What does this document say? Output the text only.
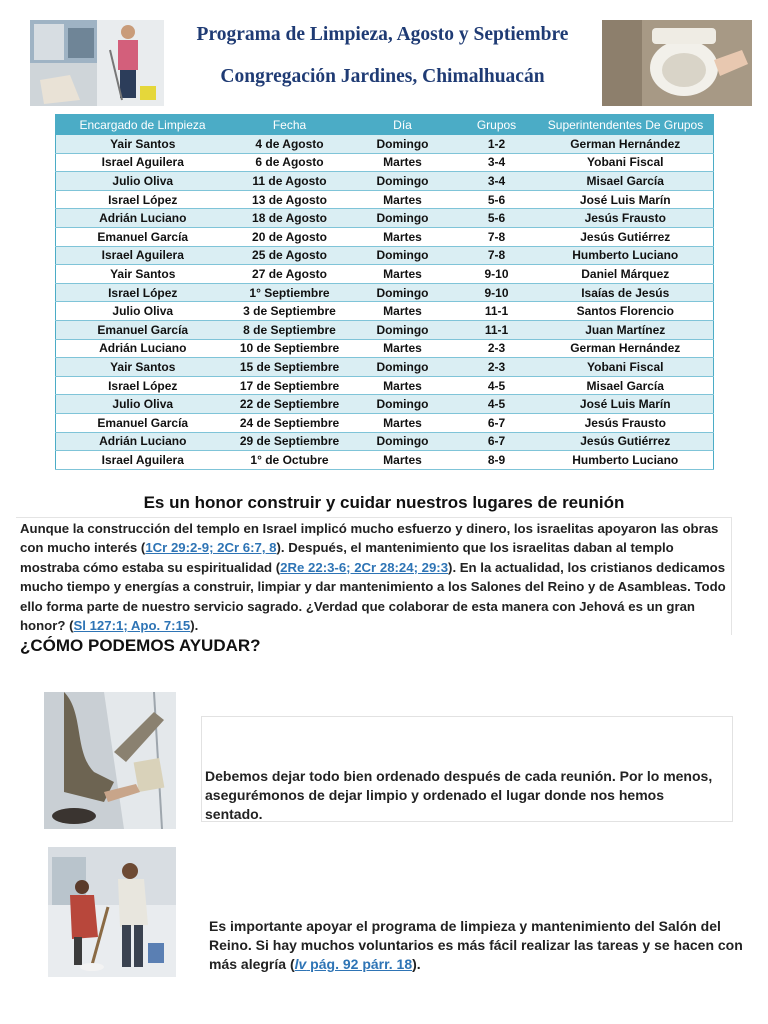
Programa de Limpieza, Agosto y Septiembre
Congregación Jardines, Chimalhuacán
Encargado de Limpieza	Fecha	Día	Grupos	Superintendentes De Grupos
Yair Santos	4 de Agosto	Domingo	1-2	German Hernández
Israel Aguilera	6 de Agosto	Martes	3-4	Yobani Fiscal
Julio Oliva	11 de Agosto	Domingo	3-4	Misael García
Israel López	13 de Agosto	Martes	5-6	José Luis Marín
Adrián Luciano	18 de Agosto	Domingo	5-6	Jesús Frausto
Emanuel García	20 de Agosto	Martes	7-8	Jesús Gutiérrez
Israel Aguilera	25 de Agosto	Domingo	7-8	Humberto Luciano
Yair Santos	27 de Agosto	Martes	9-10	Daniel Márquez
Israel López	1° Septiembre	Domingo	9-10	Isaías de Jesús
Julio Oliva	3 de Septiembre	Martes	11-1	Santos Florencio
Emanuel García	8 de Septiembre	Domingo	11-1	Juan Martínez
Adrián Luciano	10 de Septiembre	Martes	2-3	German Hernández
Yair Santos	15 de Septiembre	Domingo	2-3	Yobani Fiscal
Israel López	17 de Septiembre	Martes	4-5	Misael García
Julio Oliva	22 de Septiembre	Domingo	4-5	José Luis Marín
Emanuel García	24 de Septiembre	Martes	6-7	Jesús Frausto
Adrián Luciano	29 de Septiembre	Domingo	6-7	Jesús Gutiérrez
Israel Aguilera	1° de Octubre	Martes	8-9	Humberto Luciano
Es un honor construir y cuidar nuestros lugares de reunión
Aunque la construcción del templo en Israel implicó mucho esfuerzo y dinero, los israelitas apoyaron las obras con mucho interés (1Cr 29:2-9; 2Cr 6:7, 8). Después, el mantenimiento que los israelitas daban al templo mostraba cómo estaba su espiritualidad (2Re 22:3-6; 2Cr 28:24; 29:3). En la actualidad, los cristianos dedicamos mucho tiempo y energías a construir, limpiar y dar mantenimiento a los Salones del Reino y de Asambleas. Todo ello forma parte de nuestro servicio sagrado. ¿Verdad que colaborar de esta manera con Jehová es un gran honor? (Sl 127:1; Apo. 7:15).
¿CÓMO PODEMOS AYUDAR?
Debemos dejar todo bien ordenado después de cada reunión. Por lo menos, asegurémonos de dejar limpio y ordenado el lugar donde nos hemos sentado.
Es importante apoyar el programa de limpieza y mantenimiento del Salón del Reino. Si hay muchos voluntarios es más fácil realizar las tareas y se hacen con más alegría (lv pág. 92 párr. 18).
